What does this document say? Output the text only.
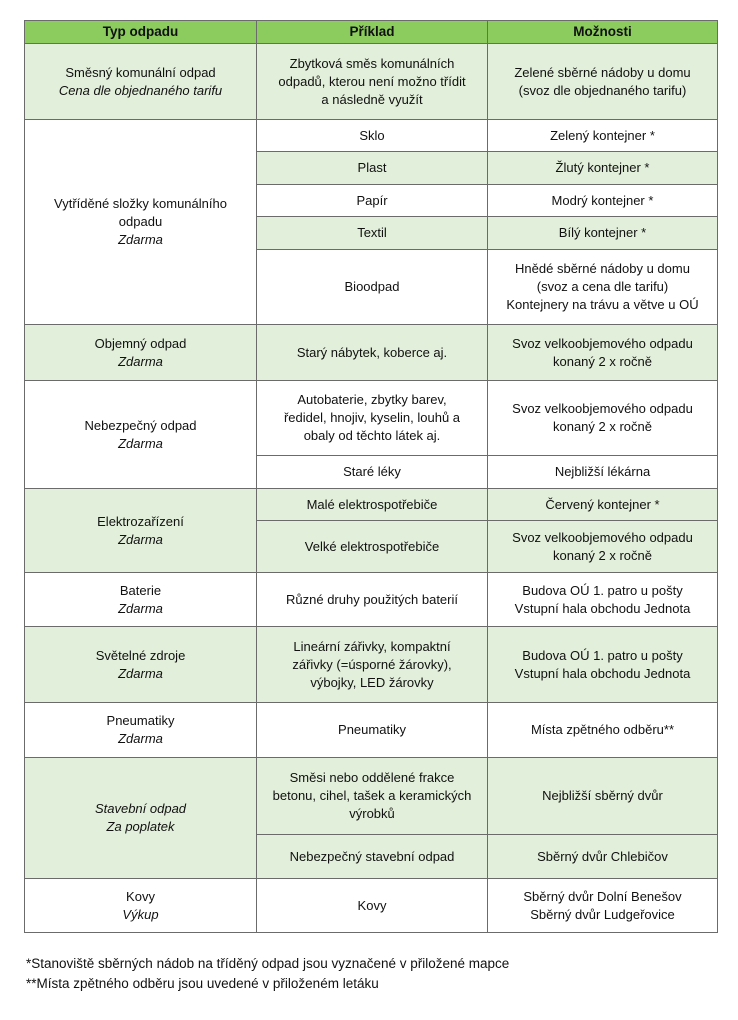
Typ odpadu	Příklad	Možnosti

Směsný komunální odpad
Cena dle objednaného tarifu	Zbytková směs komunálních
odpadů, kterou není možno třídit
a následně využít	Zelené sběrné nádoby u domu
(svoz dle objednaného tarifu)

Vytříděné složky komunálního
odpadu
Zdarma	Sklo	Zelený kontejner *
	Plast	Žlutý kontejner *
	Papír	Modrý kontejner *
	Textil	Bílý kontejner *
	Bioodpad	Hnědé sběrné nádoby u domu
(svoz a cena dle tarifu)
Kontejnery na trávu a větve u OÚ

Objemný odpad
Zdarma	Starý nábytek, koberce aj.	Svoz velkoobjemového odpadu
konaný 2 x ročně

Nebezpečný odpad
Zdarma	Autobaterie, zbytky barev,
ředidel, hnojiv, kyselin, louhů a
obaly od těchto látek aj.	Svoz velkoobjemového odpadu
konaný 2 x ročně

	Staré léky	Nejbližší lékárna

Elektrozařízení
Zdarma	Malé elektrospotřebiče	Červený kontejner *
	Velké elektrospotřebiče	Svoz velkoobjemového odpadu
konaný 2 x ročně

Baterie
Zdarma	Různé druhy použitých baterií	Budova OÚ 1. patro u pošty
Vstupní hala obchodu Jednota

Světelné zdroje
Zdarma	Lineární zářivky, kompaktní
zářivky (=úsporné žárovky),
výbojky, LED žárovky	Budova OÚ 1. patro u pošty
Vstupní hala obchodu Jednota

Pneumatiky
Zdarma	Pneumatiky	Místa zpětného odběru**

Stavební odpad
Za poplatek	Směsi nebo oddělené frakce
betonu, cihel, tašek a keramických
výrobků	Nejbližší sběrný dvůr
	Nebezpečný stavební odpad	Sběrný dvůr Chlebičov

Kovy
Výkup	Kovy	Sběrný dvůr Dolní Benešov
Sběrný dvůr Ludgeřovice
*Stanoviště sběrných nádob na tříděný odpad jsou vyznačené v přiložené mapce
**Místa zpětného odběru jsou uvedené v přiloženém letáku
